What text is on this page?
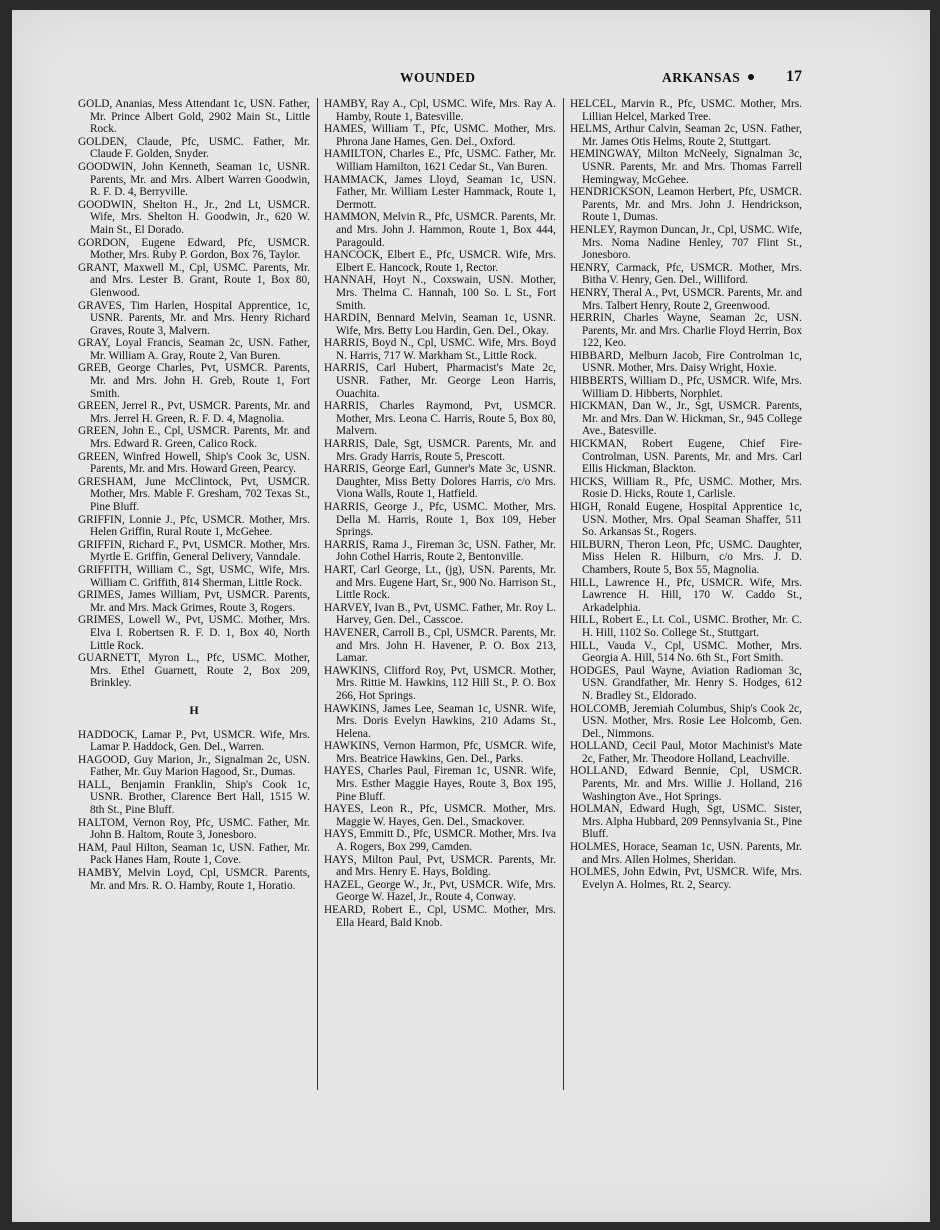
WOUNDED	ARKANSAS	17

GOLD, Ananias, Mess Attendant 1c, USN. Father, Mr. Prince Albert Gold, 2902 Main St., Little Rock.

GOLDEN, Claude, Pfc, USMC. Father, Mr. Claude F. Golden, Snyder.

GOODWIN, John Kenneth, Seaman 1c, USNR. Parents, Mr. and Mrs. Albert Warren Goodwin, R. F. D. 4, Berryville.

GOODWIN, Shelton H., Jr., 2nd Lt, USMCR. Wife, Mrs. Shelton H. Goodwin, Jr., 620 W. Main St., El Dorado.

GORDON, Eugene Edward, Pfc, USMCR. Mother, Mrs. Ruby P. Gordon, Box 76, Taylor.

GRANT, Maxwell M., Cpl, USMC. Parents, Mr. and Mrs. Lester B. Grant, Route 1, Box 80, Glenwood.

GRAVES, Tim Harlen, Hospital Apprentice, 1c, USNR. Parents, Mr. and Mrs. Henry Richard Graves, Route 3, Malvern.

GRAY, Loyal Francis, Seaman 2c, USN. Father, Mr. William A. Gray, Route 2, Van Buren.

GREB, George Charles, Pvt, USMCR. Parents, Mr. and Mrs. John H. Greb, Route 1, Fort Smith.

GREEN, Jerrel R., Pvt, USMCR. Parents, Mr. and Mrs. Jerrel H. Green, R. F. D. 4, Magnolia.

GREEN, John E., Cpl, USMCR. Parents, Mr. and Mrs. Edward R. Green, Calico Rock.

GREEN, Winfred Howell, Ship's Cook 3c, USN. Parents, Mr. and Mrs. Howard Green, Pearcy.

GRESHAM, June McClintock, Pvt, USMCR. Mother, Mrs. Mable F. Gresham, 702 Texas St., Pine Bluff.

GRIFFIN, Lonnie J., Pfc, USMCR. Mother, Mrs. Helen Griffin, Rural Route 1, McGehee.

GRIFFIN, Richard F., Pvt, USMCR. Mother, Mrs. Myrtle E. Griffin, General Delivery, Vanndale.

GRIFFITH, William C., Sgt, USMC, Wife, Mrs. William C. Griffith, 814 Sherman, Little Rock.

GRIMES, James William, Pvt, USMCR. Parents, Mr. and Mrs. Mack Grimes, Route 3, Rogers.

GRIMES, Lowell W., Pvt, USMC. Mother, Mrs. Elva I. Robertsen R. F. D. 1, Box 40, North Little Rock.

GUARNETT, Myron L., Pfc, USMC. Mother, Mrs. Ethel Guarnett, Route 2, Box 209, Brinkley.

H

HADDOCK, Lamar P., Pvt, USMCR. Wife, Mrs. Lamar P. Haddock, Gen. Del., Warren.

HAGOOD, Guy Marion, Jr., Signalman 2c, USN. Father, Mr. Guy Marion Hagood, Sr., Dumas.

HALL, Benjamin Franklin, Ship's Cook 1c, USNR. Brother, Clarence Bert Hall, 1515 W. 8th St., Pine Bluff.

HALTOM, Vernon Roy, Pfc, USMC. Father, Mr. John B. Haltom, Route 3, Jonesboro.

HAM, Paul Hilton, Seaman 1c, USN. Father, Mr. Pack Hanes Ham, Route 1, Cove.

HAMBY, Melvin Loyd, Cpl, USMCR. Parents, Mr. and Mrs. R. O. Hamby, Route 1, Horatio.

HAMBY, Ray A., Cpl, USMC. Wife, Mrs. Ray A. Hamby, Route 1, Batesville.

HAMES, William T., Pfc, USMC. Mother, Mrs. Phrona Jane Hames, Gen. Del., Oxford.

HAMILTON, Charles E., Pfc, USMC. Father, Mr. William Hamilton, 1621 Cedar St., Van Buren.

HAMMACK, James Lloyd, Seaman 1c, USN. Father, Mr. William Lester Hammack, Route 1, Dermott.

HAMMON, Melvin R., Pfc, USMCR. Parents, Mr. and Mrs. John J. Hammon, Route 1, Box 444, Paragould.

HANCOCK, Elbert E., Pfc, USMCR. Wife, Mrs. Elbert E. Hancock, Route 1, Rector.

HANNAH, Hoyt N., Coxswain, USN. Mother, Mrs. Thelma C. Hannah, 100 So. L St., Fort Smith.

HARDIN, Bennard Melvin, Seaman 1c, USNR. Wife, Mrs. Betty Lou Hardin, Gen. Del., Okay.

HARRIS, Boyd N., Cpl, USMC. Wife, Mrs. Boyd N. Harris, 717 W. Markham St., Little Rock.

HARRIS, Carl Hubert, Pharmacist's Mate 2c, USNR. Father, Mr. George Leon Harris, Ouachita.

HARRIS, Charles Raymond, Pvt, USMCR. Mother, Mrs. Leona C. Harris, Route 5, Box 80, Malvern.

HARRIS, Dale, Sgt, USMCR. Parents, Mr. and Mrs. Grady Harris, Route 5, Prescott.

HARRIS, George Earl, Gunner's Mate 3c, USNR. Daughter, Miss Betty Dolores Harris, c/o Mrs. Viona Walls, Route 1, Hatfield.

HARRIS, George J., Pfc, USMC. Mother, Mrs. Della M. Harris, Route 1, Box 109, Heber Springs.

HARRIS, Rama J., Fireman 3c, USN. Father, Mr. John Cothel Harris, Route 2, Bentonville.

HART, Carl George, Lt., (jg), USN. Parents, Mr. and Mrs. Eugene Hart, Sr., 900 No. Harrison St., Little Rock.

HARVEY, Ivan B., Pvt, USMC. Father, Mr. Roy L. Harvey, Gen. Del., Casscoe.

HAVENER, Carroll B., Cpl, USMCR. Parents, Mr. and Mrs. John H. Havener, P. O. Box 213, Lamar.

HAWKINS, Clifford Roy, Pvt, USMCR. Mother, Mrs. Rittie M. Hawkins, 112 Hill St., P. O. Box 266, Hot Springs.

HAWKINS, James Lee, Seaman 1c, USNR. Wife, Mrs. Doris Evelyn Hawkins, 210 Adams St., Helena.

HAWKINS, Vernon Harmon, Pfc, USMCR. Wife, Mrs. Beatrice Hawkins, Gen. Del., Parks.

HAYES, Charles Paul, Fireman 1c, USNR. Wife, Mrs. Esther Maggie Hayes, Route 3, Box 195, Pine Bluff.

HAYES, Leon R., Pfc, USMCR. Mother, Mrs. Maggie W. Hayes, Gen. Del., Smackover.

HAYS, Emmitt D., Pfc, USMCR. Mother, Mrs. Iva A. Rogers, Box 299, Camden.

HAYS, Milton Paul, Pvt, USMCR. Parents, Mr. and Mrs. Henry E. Hays, Bolding.

HAZEL, George W., Jr., Pvt, USMCR. Wife, Mrs. George W. Hazel, Jr., Route 4, Conway.

HEARD, Robert E., Cpl, USMC. Mother, Mrs. Ella Heard, Bald Knob.

HELCEL, Marvin R., Pfc, USMC. Mother, Mrs. Lillian Helcel, Marked Tree.

HELMS, Arthur Calvin, Seaman 2c, USN. Father, Mr. James Otis Helms, Route 2, Stuttgart.

HEMINGWAY, Milton McNeely, Signalman 3c, USNR. Parents, Mr. and Mrs. Thomas Farrell Hemingway, McGehee.

HENDRICKSON, Leamon Herbert, Pfc, USMCR. Parents, Mr. and Mrs. John J. Hendrickson, Route 1, Dumas.

HENLEY, Raymon Duncan, Jr., Cpl, USMC. Wife, Mrs. Noma Nadine Henley, 707 Flint St., Jonesboro.

HENRY, Carmack, Pfc, USMCR. Mother, Mrs. Bitha V. Henry, Gen. Del., Williford.

HENRY, Theral A., Pvt, USMCR. Parents, Mr. and Mrs. Talbert Henry, Route 2, Greenwood.

HERRIN, Charles Wayne, Seaman 2c, USN. Parents, Mr. and Mrs. Charlie Floyd Herrin, Box 122, Keo.

HIBBARD, Melburn Jacob, Fire Controlman 1c, USNR. Mother, Mrs. Daisy Wright, Hoxie.

HIBBERTS, William D., Pfc, USMCR. Wife, Mrs. William D. Hibberts, Norphlet.

HICKMAN, Dan W., Jr., Sgt, USMCR. Parents, Mr. and Mrs. Dan W. Hickman, Sr., 945 College Ave., Batesville.

HICKMAN, Robert Eugene, Chief Fire-Controlman, USN. Parents, Mr. and Mrs. Carl Ellis Hickman, Blackton.

HICKS, William R., Pfc, USMC. Mother, Mrs. Rosie D. Hicks, Route 1, Carlisle.

HIGH, Ronald Eugene, Hospital Apprentice 1c, USN. Mother, Mrs. Opal Seaman Shaffer, 511 So. Arkansas St., Rogers.

HILBURN, Theron Leon, Pfc, USMC. Daughter, Miss Helen R. Hilburn, c/o Mrs. J. D. Chambers, Route 5, Box 55, Magnolia.

HILL, Lawrence H., Pfc, USMCR. Wife, Mrs. Lawrence H. Hill, 170 W. Caddo St., Arkadelphia.

HILL, Robert E., Lt. Col., USMC. Brother, Mr. C. H. Hill, 1102 So. College St., Stuttgart.

HILL, Vauda V., Cpl, USMC. Mother, Mrs. Georgia A. Hill, 514 No. 6th St., Fort Smith.

HODGES, Paul Wayne, Aviation Radioman 3c, USN. Grandfather, Mr. Henry S. Hodges, 612 N. Bradley St., Eldorado.

HOLCOMB, Jeremiah Columbus, Ship's Cook 2c, USN. Mother, Mrs. Rosie Lee Holcomb, Gen. Del., Nimmons.

HOLLAND, Cecil Paul, Motor Machinist's Mate 2c, Father, Mr. Theodore Holland, Leachville.

HOLLAND, Edward Bennie, Cpl, USMCR. Parents, Mr. and Mrs. Willie J. Holland, 216 Washington Ave., Hot Springs.

HOLMAN, Edward Hugh, Sgt, USMC. Sister, Mrs. Alpha Hubbard, 209 Pennsylvania St., Pine Bluff.

HOLMES, Horace, Seaman 1c, USN. Parents, Mr. and Mrs. Allen Holmes, Sheridan.

HOLMES, John Edwin, Pvt, USMCR. Wife, Mrs. Evelyn A. Holmes, Rt. 2, Searcy.
